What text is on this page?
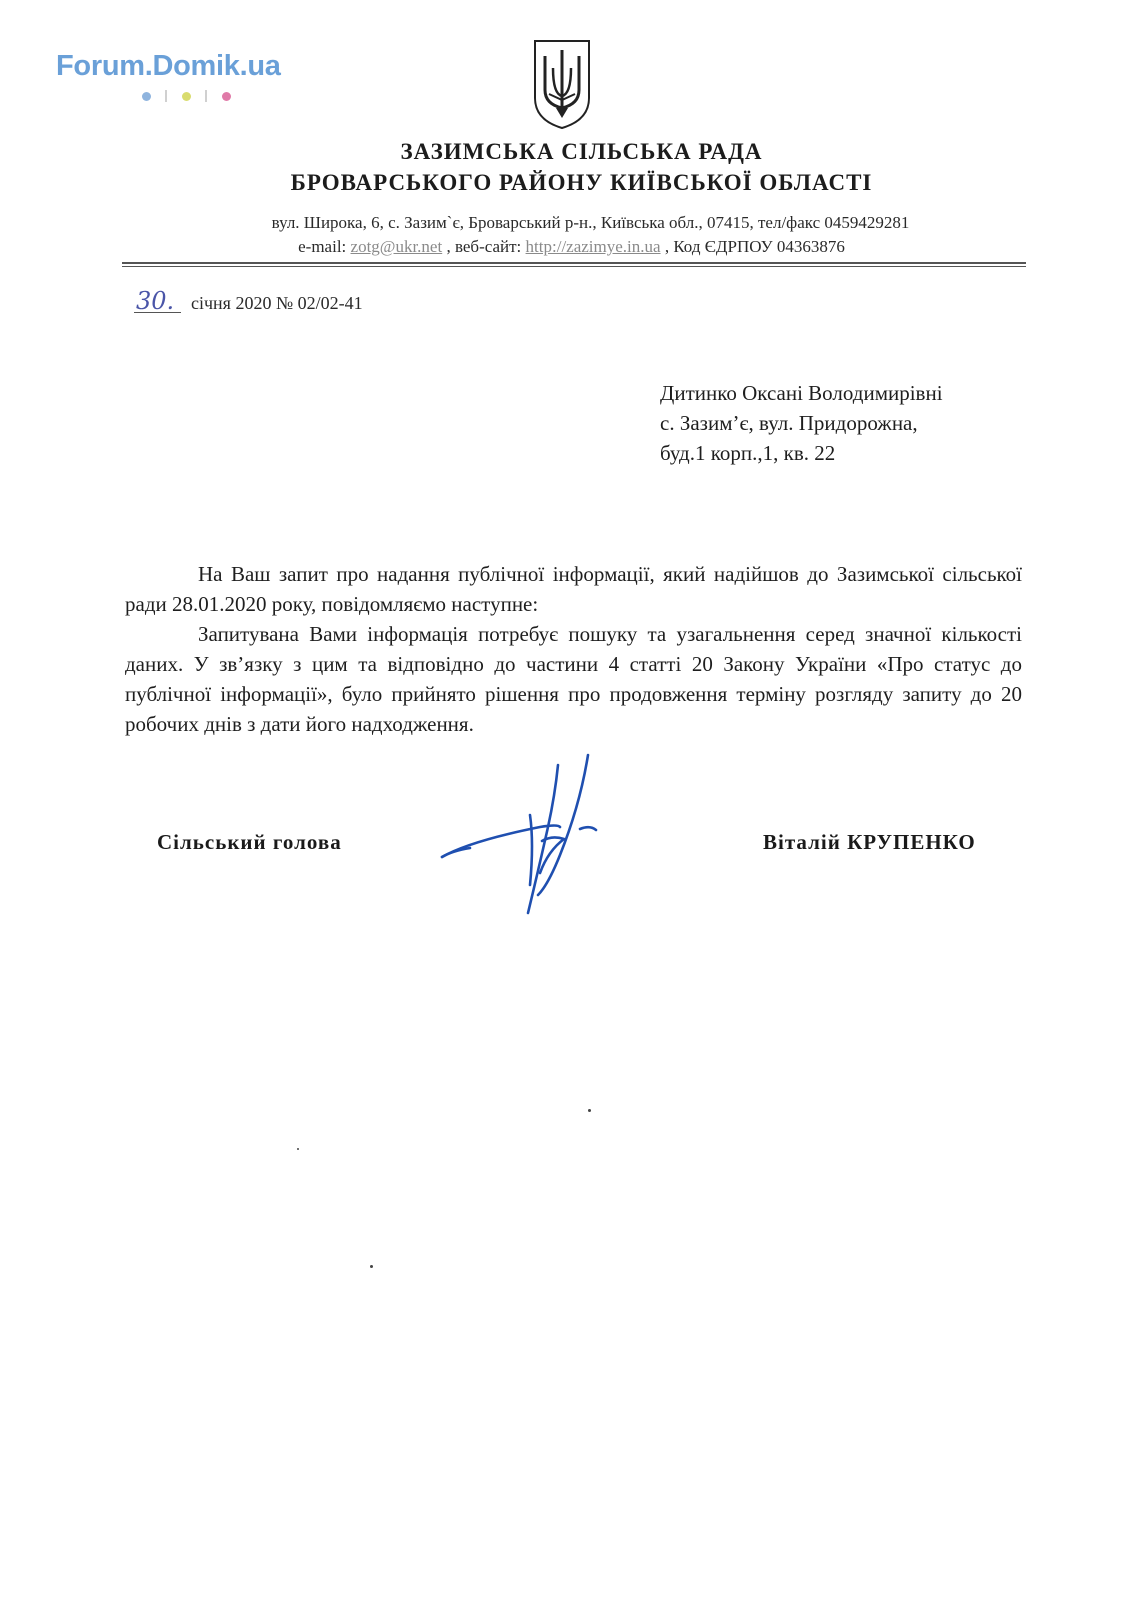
Forum.Domik.ua
ЗАЗИМСЬКА СІЛЬСЬКА РАДА
БРОВАРСЬКОГО РАЙОНУ КИЇВСЬКОЇ ОБЛАСТІ
вул. Широка, 6, с. Зазим`є, Броварський р-н., Київська обл., 07415, тел/факс 0459429281
e-mail: zotg@ukr.net , веб-сайт: http://zazimye.in.ua , Код ЄДРПОУ 04363876
30. січня 2020 № 02/02-41
Дитинко Оксані Володимирівні
с. Зазим’є, вул. Придорожна,
буд.1 корп.,1, кв. 22

На Ваш запит про надання публічної інформації, який надійшов до Зазимської сільської ради 28.01.2020 року, повідомляємо наступне:

Запитувана Вами інформація потребує пошуку та узагальнення серед значної кількості даних. У зв’язку з цим та відповідно до частини 4 статті 20 Закону України «Про статус до публічної інформації», було прийнято рішення про продовження терміну розгляду запиту до 20 робочих днів з дати його надходження.

Сільський голова	Віталій КРУПЕНКО
